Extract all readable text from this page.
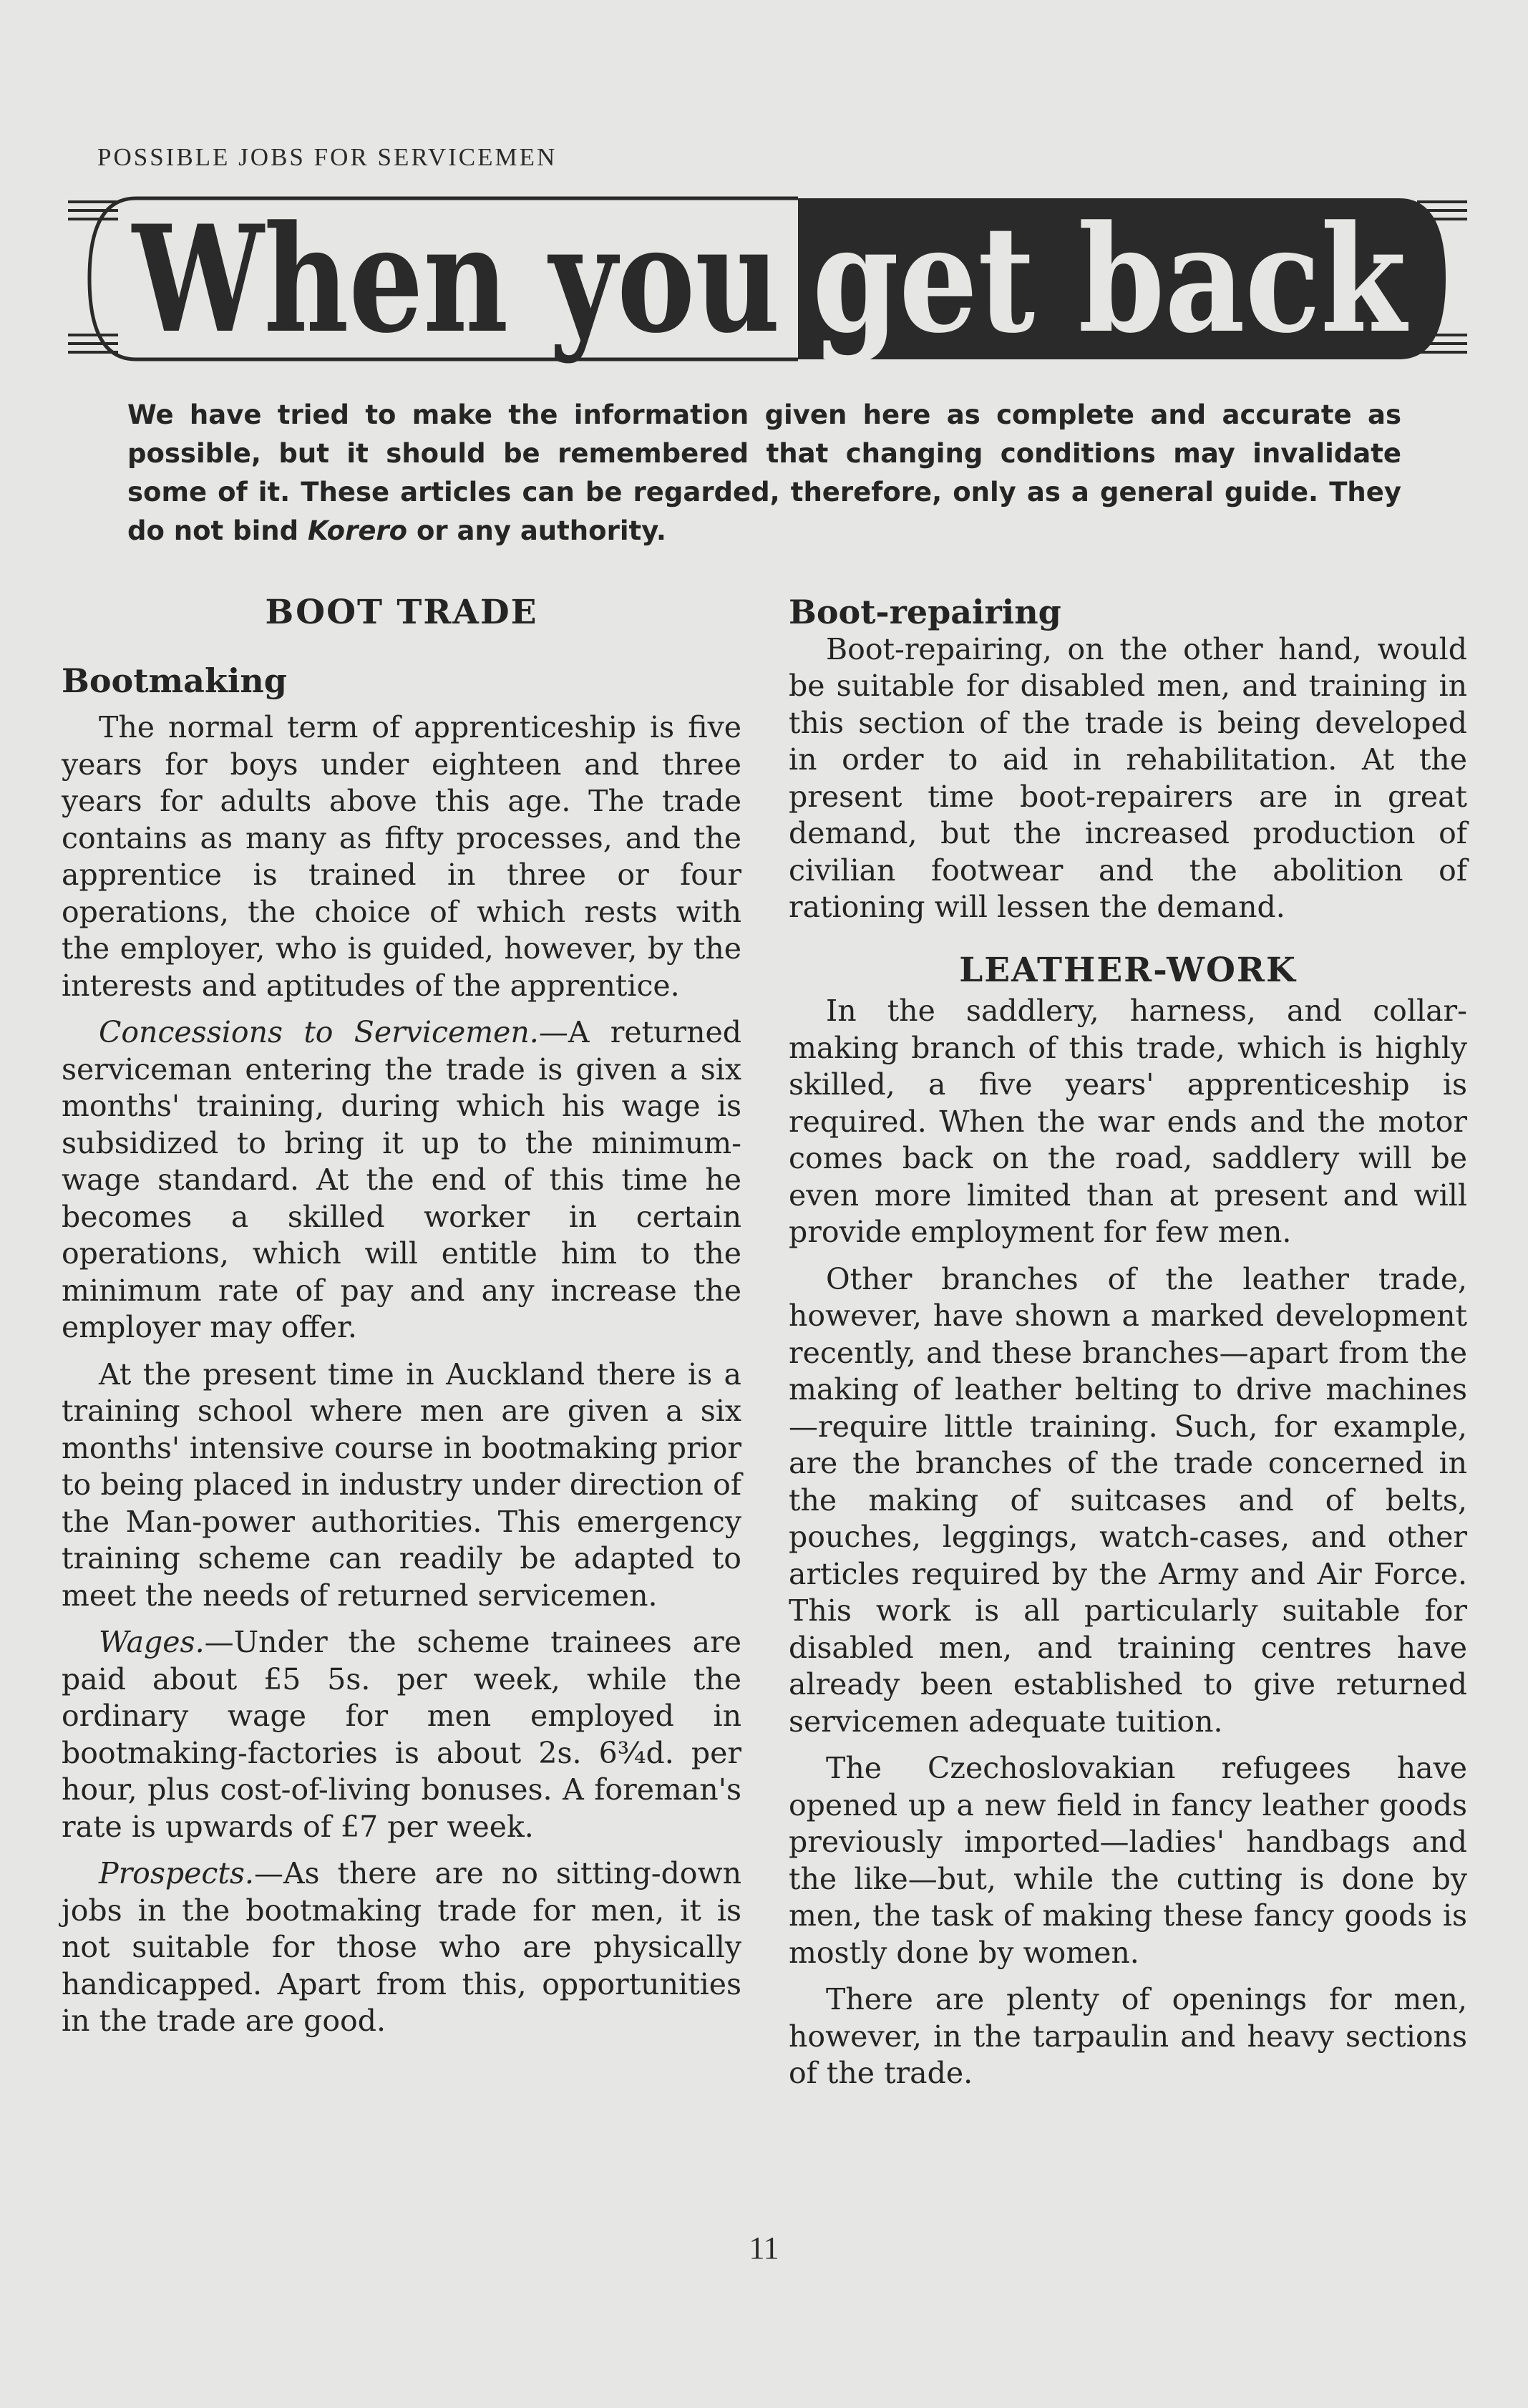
POSSIBLE JOBS FOR SERVICEMEN
When you get back
We have tried to make the information given here as complete and accurate as possible, but it should be remembered that changing conditions may invalidate some of it. These articles can be regarded, therefore, only as a general guide. They do not bind Korero or any authority.
BOOT TRADE
Bootmaking

The normal term of apprenticeship is five years for boys under eighteen and three years for adults above this age. The trade contains as many as fifty processes, and the apprentice is trained in three or four operations, the choice of which rests with the employer, who is guided, however, by the interests and aptitudes of the apprentice.

Concessions to Servicemen.—A returned serviceman entering the trade is given a six months' training, during which his wage is subsidized to bring it up to the minimum-wage standard. At the end of this time he becomes a skilled worker in certain operations, which will entitle him to the minimum rate of pay and any increase the employer may offer.

At the present time in Auckland there is a training school where men are given a six months' intensive course in bootmaking prior to being placed in industry under direction of the Man-power authorities. This emergency training scheme can readily be adapted to meet the needs of returned servicemen.

Wages.—Under the scheme trainees are paid about £5 5s. per week, while the ordinary wage for men employed in bootmaking-factories is about 2s. 6¾d. per hour, plus cost-of-living bonuses. A foreman's rate is upwards of £7 per week.

Prospects.—As there are no sitting-down jobs in the bootmaking trade for men, it is not suitable for those who are physically handicapped. Apart from this, opportunities in the trade are good.

Boot-repairing

Boot-repairing, on the other hand, would be suitable for disabled men, and training in this section of the trade is being developed in order to aid in rehabilitation. At the present time boot-repairers are in great demand, but the increased production of civilian footwear and the abolition of rationing will lessen the demand.

LEATHER-WORK

In the saddlery, harness, and collar-making branch of this trade, which is highly skilled, a five years' apprenticeship is required. When the war ends and the motor comes back on the road, saddlery will be even more limited than at present and will provide employment for few men.

Other branches of the leather trade, however, have shown a marked development recently, and these branches—apart from the making of leather belting to drive machines—require little training. Such, for example, are the branches of the trade concerned in the making of suitcases and of belts, pouches, leggings, watch-cases, and other articles required by the Army and Air Force. This work is all particularly suitable for disabled men, and training centres have already been established to give returned servicemen adequate tuition.

The Czechoslovakian refugees have opened up a new field in fancy leather goods previously imported—ladies' handbags and the like—but, while the cutting is done by men, the task of making these fancy goods is mostly done by women.

There are plenty of openings for men, however, in the tarpaulin and heavy sections of the trade.

11
